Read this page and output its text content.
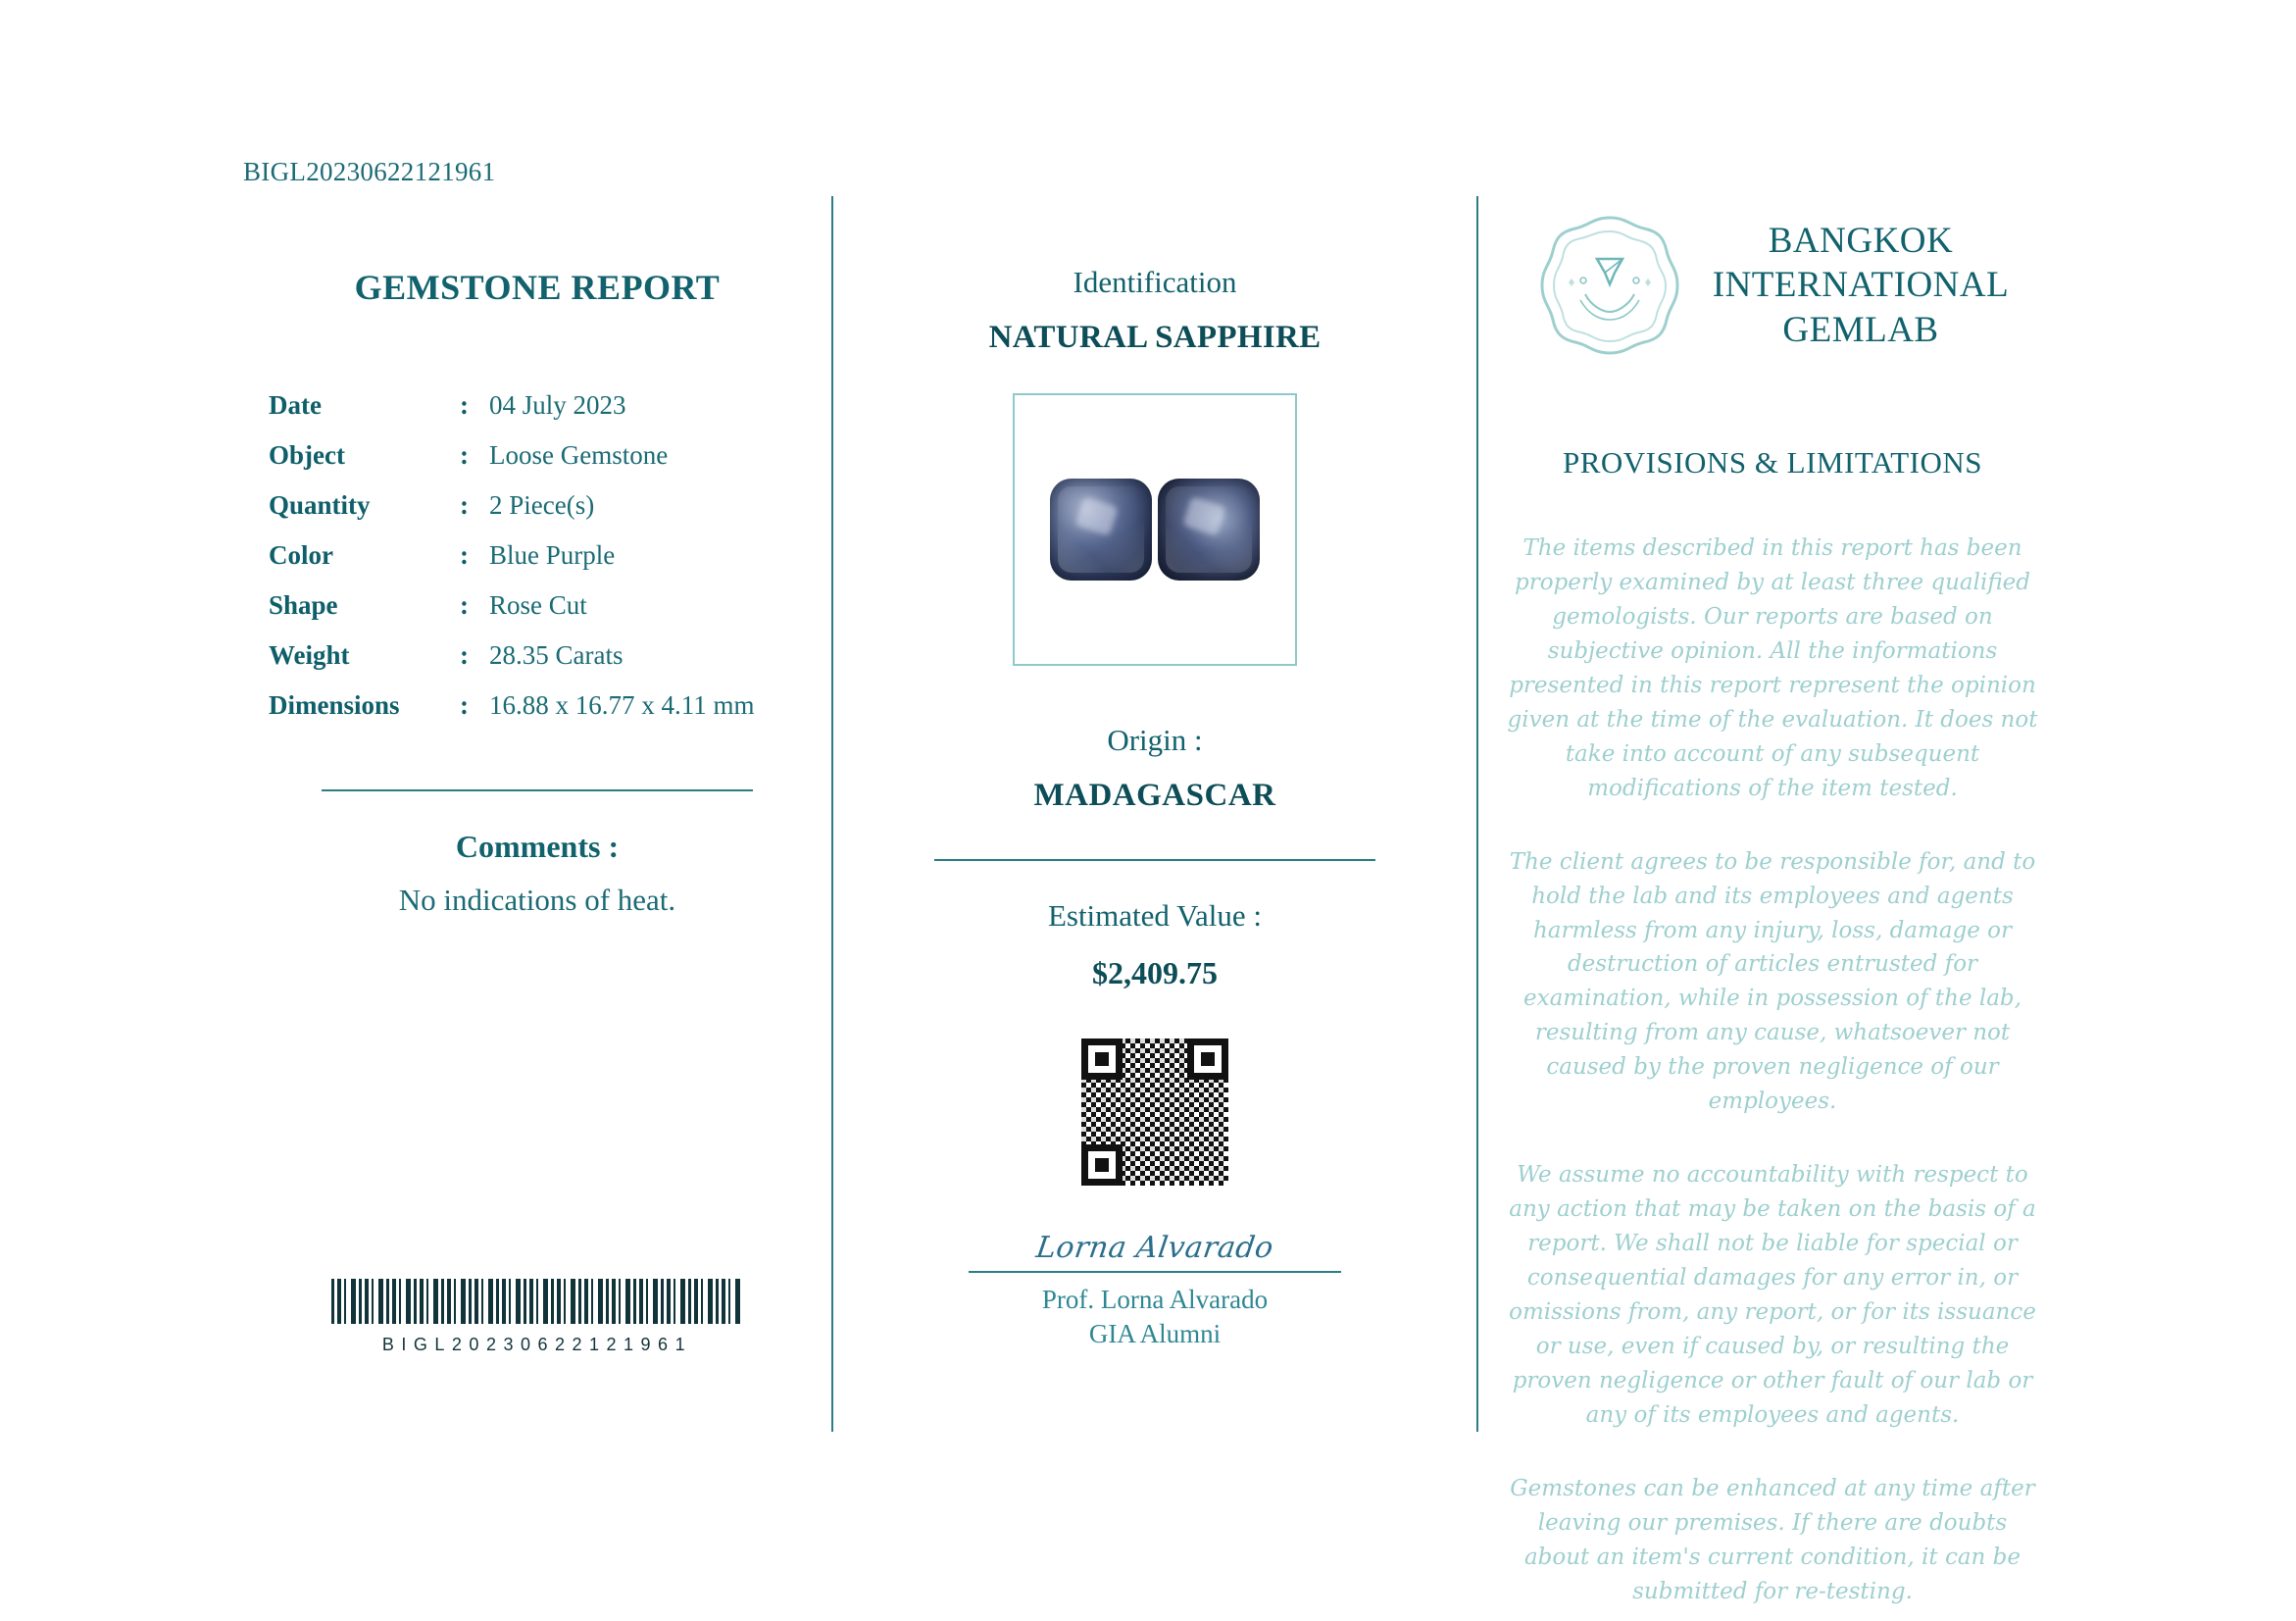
BIGL20230622121961
GEMSTONE REPORT
Date	:	04 July 2023
Object	:	Loose Gemstone
Quantity	:	2 Piece(s)
Color	:	Blue Purple
Shape	:	Rose Cut
Weight	:	28.35 Carats
Dimensions	:	16.88 x 16.77 x 4.11 mm
Comments :
No indications of heat.
BIGL20230622121961
Identification
NATURAL SAPPHIRE
Origin :
MADAGASCAR
Estimated Value :
$2,409.75
Lorna Alvarado
Prof. Lorna Alvarado
GIA Alumni
BANGKOK
INTERNATIONAL
GEMLAB
PROVISIONS & LIMITATIONS
The items described in this report has been properly examined by at least three qualified gemologists. Our reports are based on subjective opinion. All the informations presented in this report represent the opinion given at the time of the evaluation. It does not take into account of any subsequent modifications of the item tested.
The client agrees to be responsible for, and to hold the lab and its employees and agents harmless from any injury, loss, damage or destruction of articles entrusted for examination, while in possession of the lab, resulting from any cause, whatsoever not caused by the proven negligence of our employees.
We assume no accountability with respect to any action that may be taken on the basis of a report. We shall not be liable for special or consequential damages for any error in, or omissions from, any report, or for its issuance or use, even if caused by, or resulting the proven negligence or other fault of our lab or any of its employees and agents.
Gemstones can be enhanced at any time after leaving our premises. If there are doubts about an item's current condition, it can be submitted for re-testing.
